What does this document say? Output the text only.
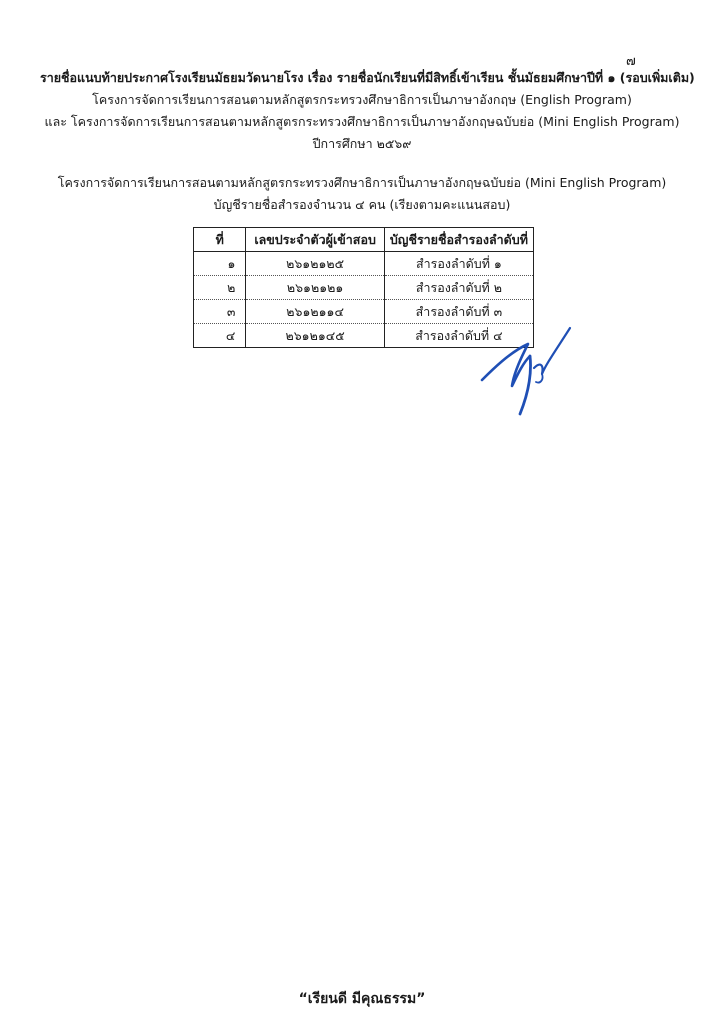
๗
รายชื่อแนบท้ายประกาศโรงเรียนมัธยมวัดนายโรง เรื่อง รายชื่อนักเรียนที่มีสิทธิ์เข้าเรียน ชั้นมัธยมศึกษาปีที่ ๑ (รอบเพิ่มเติม)
โครงการจัดการเรียนการสอนตามหลักสูตรกระทรวงศึกษาธิการเป็นภาษาอังกฤษ (English Program)
และ โครงการจัดการเรียนการสอนตามหลักสูตรกระทรวงศึกษาธิการเป็นภาษาอังกฤษฉบับย่อ (Mini English Program)
ปีการศึกษา ๒๕๖๙
โครงการจัดการเรียนการสอนตามหลักสูตรกระทรวงศึกษาธิการเป็นภาษาอังกฤษฉบับย่อ (Mini English Program)
บัญชีรายชื่อสำรองจำนวน ๔ คน (เรียงตามคะแนนสอบ)
ที่	เลขประจำตัวผู้เข้าสอบ	บัญชีรายชื่อสำรองลำดับที่
๑	๒๖๑๒๑๒๕	สำรองลำดับที่ ๑
๒	๒๖๑๒๑๒๑	สำรองลำดับที่ ๒
๓	๒๖๑๒๑๑๔	สำรองลำดับที่ ๓
๔	๒๖๑๒๑๔๕	สำรองลำดับที่ ๔
“เรียนดี มีคุณธรรม”
